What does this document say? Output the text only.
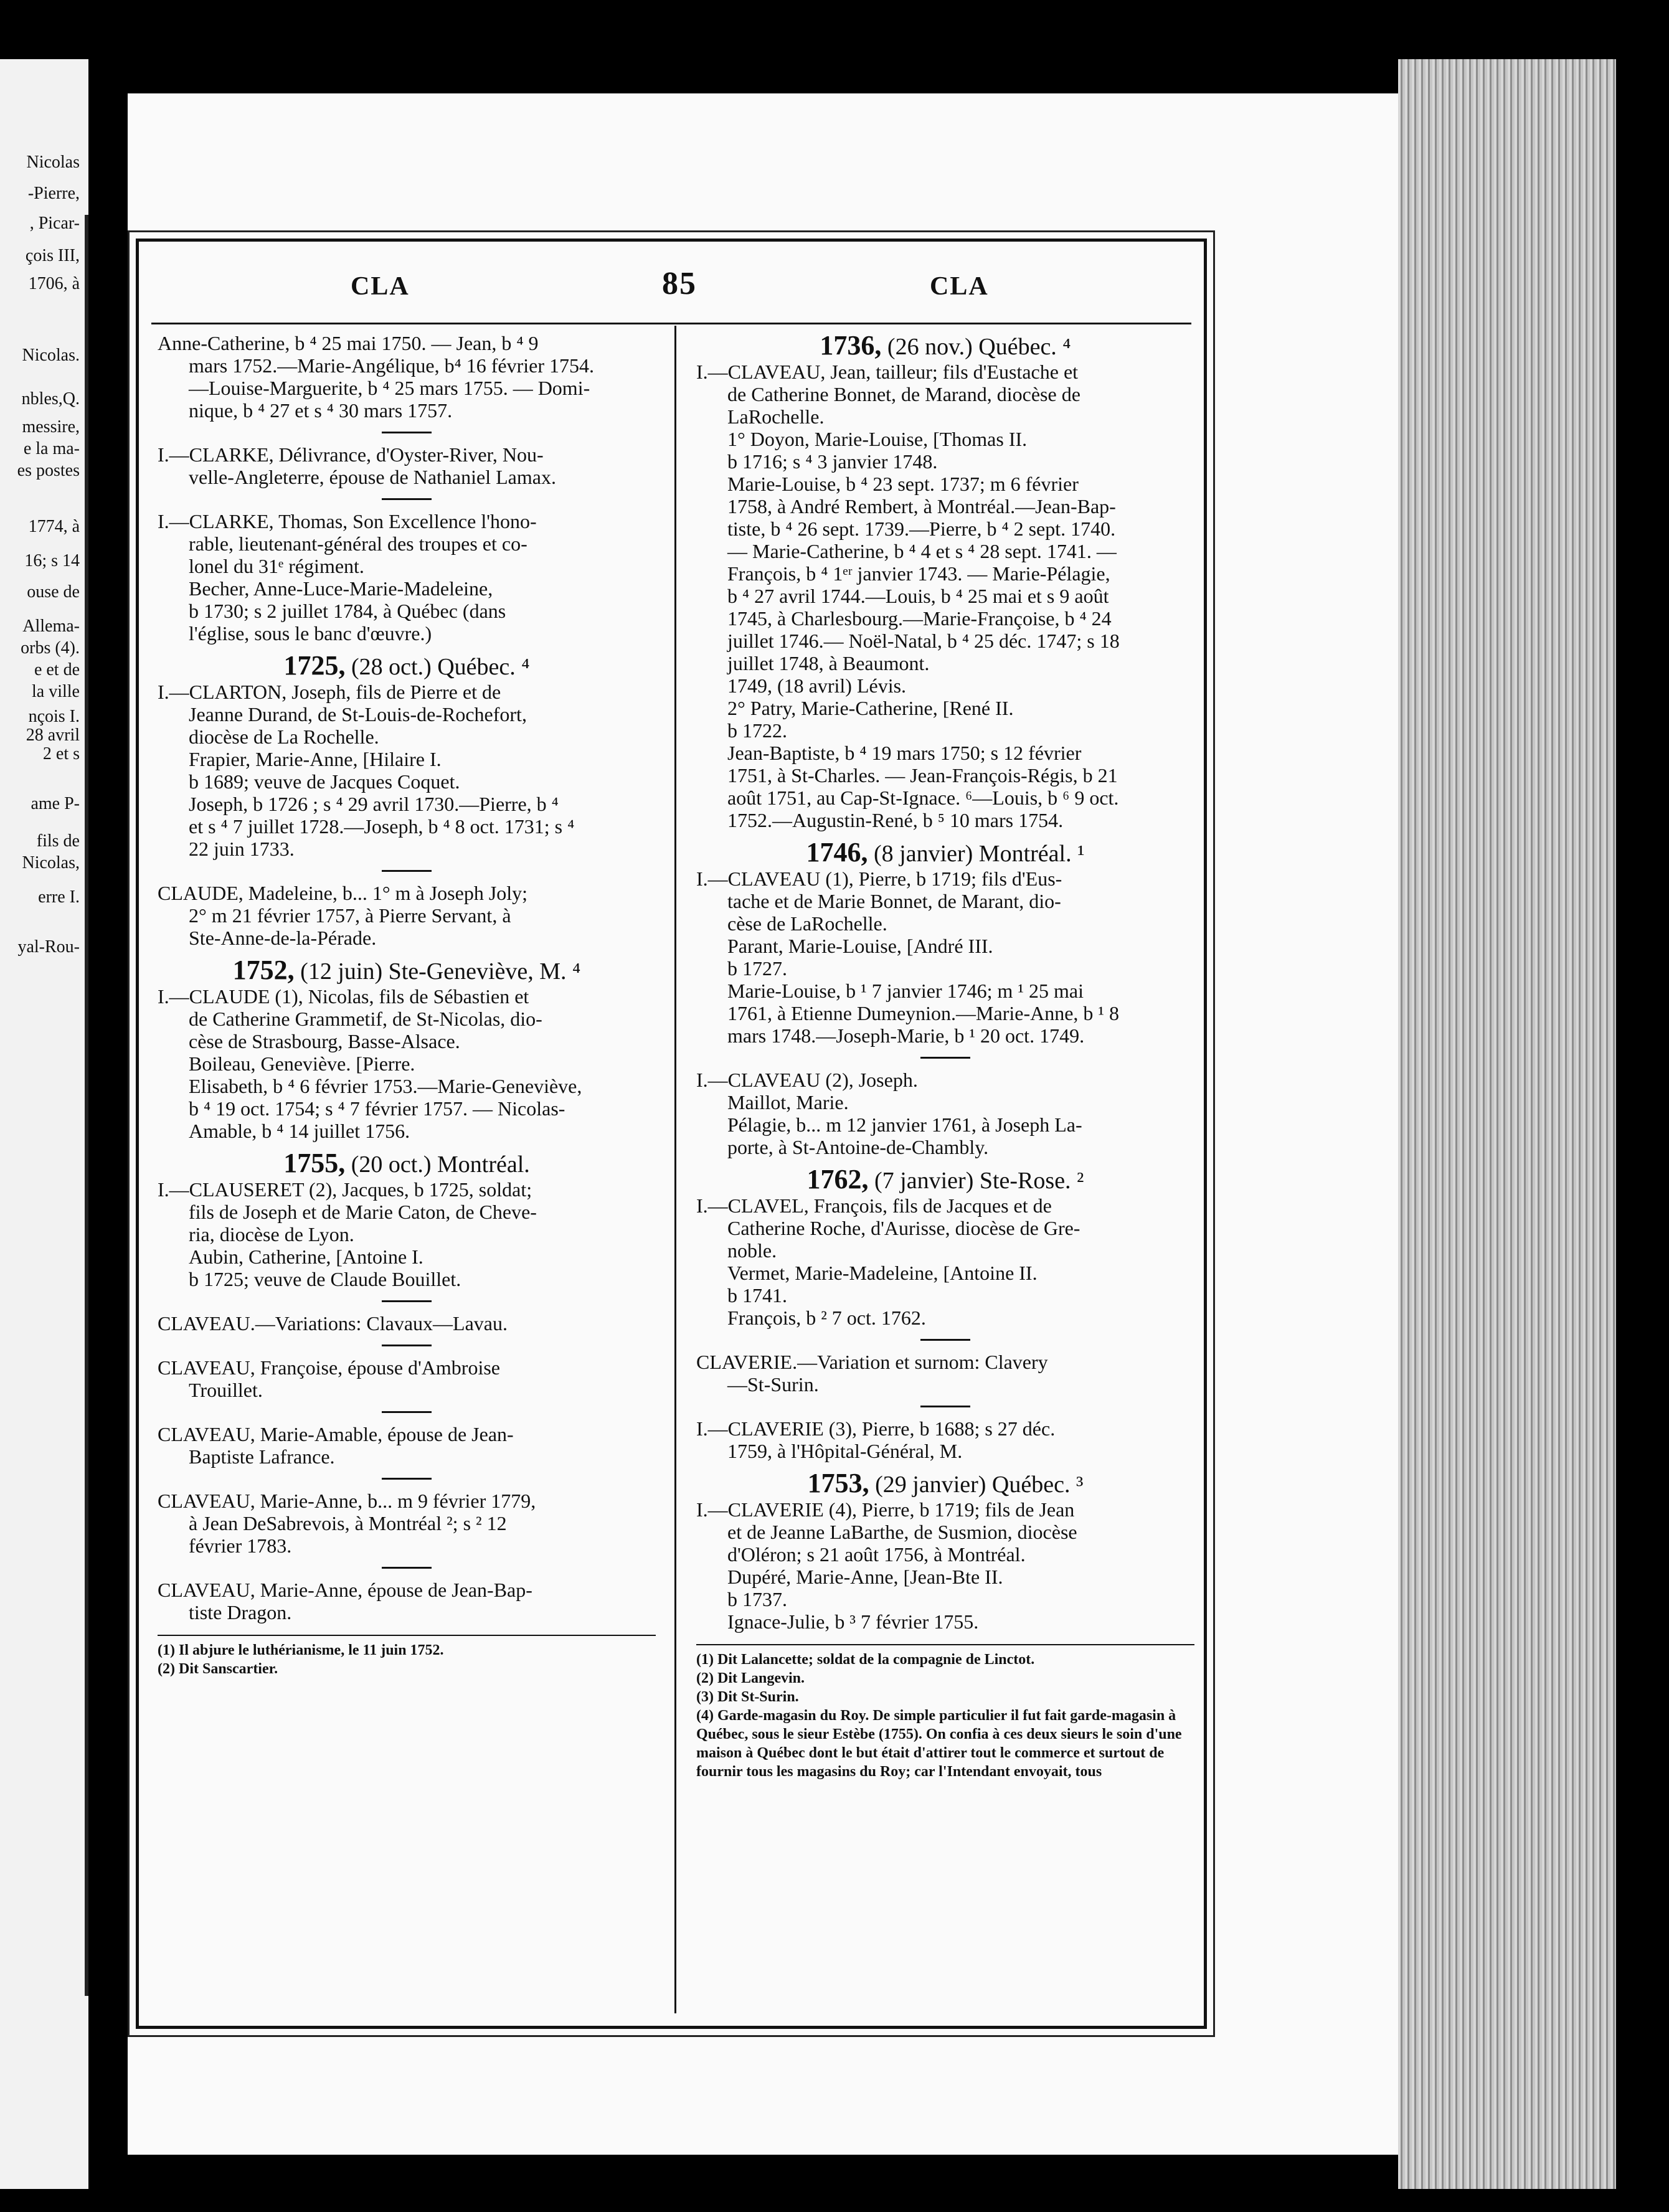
Nicolas
-Pierre,
, Picar-
çois III,
1706, à
Nicolas.
nbles,Q.
messire,
e la ma-
es postes
1774, à
16; s 14
ouse de
Allema-
orbs (4).
e et de
la ville
nçois I.
28 avril
2 et s
ame P-
fils de
Nicolas,
erre I.
yal-Rou-
CLA	85	CLA

Anne-Catherine, b ⁴ 25 mai 1750. — Jean, b ⁴ 9

mars 1752.—Marie-Angélique, b⁴ 16 février 1754.

—Louise-Marguerite, b ⁴ 25 mars 1755. — Domi-

nique, b ⁴ 27 et s ⁴ 30 mars 1757.

I.—CLARKE, Délivrance, d'Oyster-River, Nou-

velle-Angleterre, épouse de Nathaniel Lamax.

I.—CLARKE, Thomas, Son Excellence l'hono-

rable, lieutenant-général des troupes et co-

lonel du 31ᵉ régiment.

Becher, Anne-Luce-Marie-Madeleine,

b 1730; s 2 juillet 1784, à Québec (dans

l'église, sous le banc d'œuvre.)

1725, (28 oct.) Québec. ⁴

I.—CLARTON, Joseph, fils de Pierre et de

Jeanne Durand, de St-Louis-de-Rochefort,

diocèse de La Rochelle.

Frapier, Marie-Anne, [Hilaire I.

b 1689; veuve de Jacques Coquet.

Joseph, b 1726 ; s ⁴ 29 avril 1730.—Pierre, b ⁴

et s ⁴ 7 juillet 1728.—Joseph, b ⁴ 8 oct. 1731; s ⁴

22 juin 1733.

CLAUDE, Madeleine, b... 1° m à Joseph Joly;

2° m 21 février 1757, à Pierre Servant, à

Ste-Anne-de-la-Pérade.

1752, (12 juin) Ste-Geneviève, M. ⁴

I.—CLAUDE (1), Nicolas, fils de Sébastien et

de Catherine Grammetif, de St-Nicolas, dio-

cèse de Strasbourg, Basse-Alsace.

Boileau, Geneviève. [Pierre.

Elisabeth, b ⁴ 6 février 1753.—Marie-Geneviève,

b ⁴ 19 oct. 1754; s ⁴ 7 février 1757. — Nicolas-

Amable, b ⁴ 14 juillet 1756.

1755, (20 oct.) Montréal.

I.—CLAUSERET (2), Jacques, b 1725, soldat;

fils de Joseph et de Marie Caton, de Cheve-

ria, diocèse de Lyon.

Aubin, Catherine, [Antoine I.

b 1725; veuve de Claude Bouillet.

CLAVEAU.—Variations: Clavaux—Lavau.

CLAVEAU, Françoise, épouse d'Ambroise

Trouillet.

CLAVEAU, Marie-Amable, épouse de Jean-

Baptiste Lafrance.

CLAVEAU, Marie-Anne, b... m 9 février 1779,

à Jean DeSabrevois, à Montréal ²; s ² 12

février 1783.

CLAVEAU, Marie-Anne, épouse de Jean-Bap-

tiste Dragon.

(1) Il abjure le luthérianisme, le 11 juin 1752.

(2) Dit Sanscartier.

1736, (26 nov.) Québec. ⁴

I.—CLAVEAU, Jean, tailleur; fils d'Eustache et

de Catherine Bonnet, de Marand, diocèse de

LaRochelle.

1° Doyon, Marie-Louise, [Thomas II.

b 1716; s ⁴ 3 janvier 1748.

Marie-Louise, b ⁴ 23 sept. 1737; m 6 février

1758, à André Rembert, à Montréal.—Jean-Bap-

tiste, b ⁴ 26 sept. 1739.—Pierre, b ⁴ 2 sept. 1740.

— Marie-Catherine, b ⁴ 4 et s ⁴ 28 sept. 1741. —

François, b ⁴ 1ᵉʳ janvier 1743. — Marie-Pélagie,

b ⁴ 27 avril 1744.—Louis, b ⁴ 25 mai et s 9 août

1745, à Charlesbourg.—Marie-Françoise, b ⁴ 24

juillet 1746.— Noël-Natal, b ⁴ 25 déc. 1747; s 18

juillet 1748, à Beaumont.

1749, (18 avril) Lévis.

2° Patry, Marie-Catherine, [René II.

b 1722.

Jean-Baptiste, b ⁴ 19 mars 1750; s 12 février

1751, à St-Charles. — Jean-François-Régis, b 21

août 1751, au Cap-St-Ignace. ⁶—Louis, b ⁶ 9 oct.

1752.—Augustin-René, b ⁵ 10 mars 1754.

1746, (8 janvier) Montréal. ¹

I.—CLAVEAU (1), Pierre, b 1719; fils d'Eus-

tache et de Marie Bonnet, de Marant, dio-

cèse de LaRochelle.

Parant, Marie-Louise, [André III.

b 1727.

Marie-Louise, b ¹ 7 janvier 1746; m ¹ 25 mai

1761, à Etienne Dumeynion.—Marie-Anne, b ¹ 8

mars 1748.—Joseph-Marie, b ¹ 20 oct. 1749.

I.—CLAVEAU (2), Joseph.

Maillot, Marie.

Pélagie, b... m 12 janvier 1761, à Joseph La-

porte, à St-Antoine-de-Chambly.

1762, (7 janvier) Ste-Rose. ²

I.—CLAVEL, François, fils de Jacques et de

Catherine Roche, d'Aurisse, diocèse de Gre-

noble.

Vermet, Marie-Madeleine, [Antoine II.

b 1741.

François, b ² 7 oct. 1762.

CLAVERIE.—Variation et surnom: Clavery

—St-Surin.

I.—CLAVERIE (3), Pierre, b 1688; s 27 déc.

1759, à l'Hôpital-Général, M.

1753, (29 janvier) Québec. ³

I.—CLAVERIE (4), Pierre, b 1719; fils de Jean

et de Jeanne LaBarthe, de Susmion, diocèse

d'Oléron; s 21 août 1756, à Montréal.

Dupéré, Marie-Anne, [Jean-Bte II.

b 1737.

Ignace-Julie, b ³ 7 février 1755.

(1) Dit Lalancette; soldat de la compagnie de Linctot.

(2) Dit Langevin.

(3) Dit St-Surin.

(4) Garde-magasin du Roy. De simple particulier il fut fait garde-magasin à Québec, sous le sieur Estèbe (1755). On confia à ces deux sieurs le soin d'une maison à Québec dont le but était d'attirer tout le commerce et surtout de fournir tous les magasins du Roy; car l'Intendant envoyait, tous
